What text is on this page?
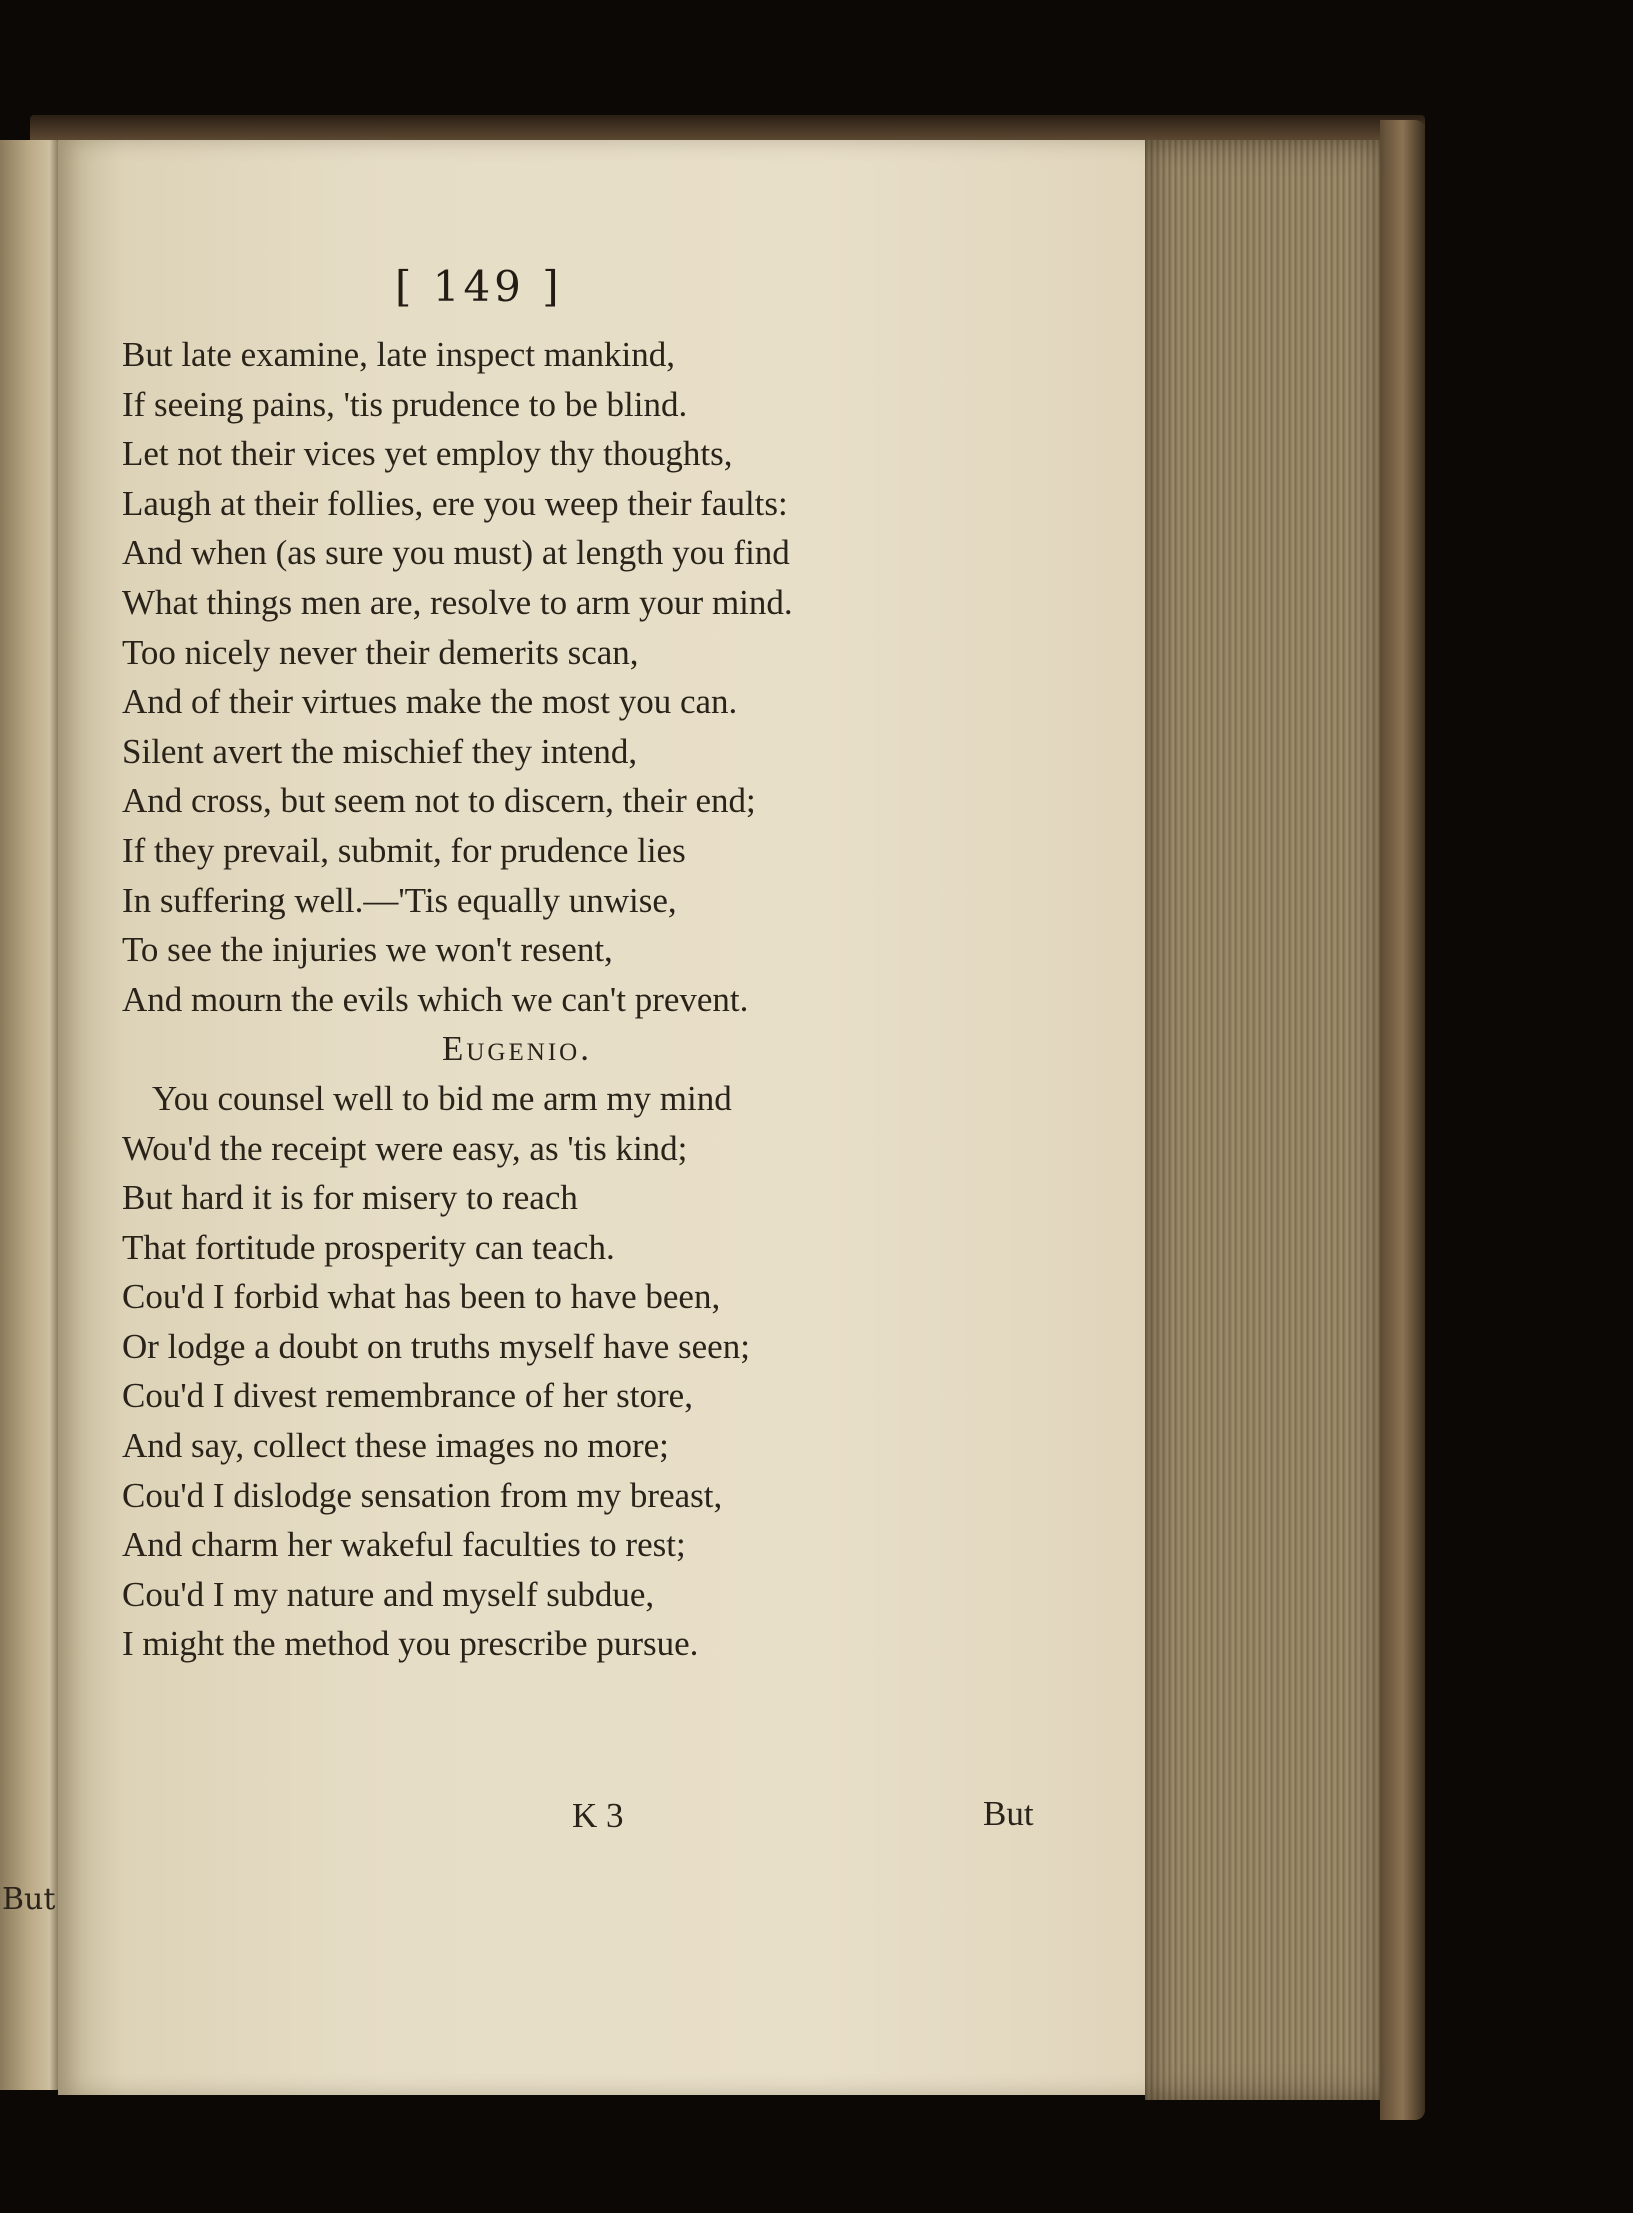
But
[ 149 ]
But late examine, late inspect mankind,
If seeing pains, 'tis prudence to be blind.
Let not their vices yet employ thy thoughts,
Laugh at their follies, ere you weep their faults:
And when (as sure you must) at length you find
What things men are, resolve to arm your mind.
Too nicely never their demerits scan,
And of their virtues make the most you can.
Silent avert the mischief they intend,
And cross, but seem not to discern, their end;
If they prevail, submit, for prudence lies
In suffering well.—'Tis equally unwise,
To see the injuries we won't resent,
And mourn the evils which we can't prevent.
Eugenio.
You counsel well to bid me arm my mind
Wou'd the receipt were easy, as 'tis kind;
But hard it is for misery to reach
That fortitude prosperity can teach.
Cou'd I forbid what has been to have been,
Or lodge a doubt on truths myself have seen;
Cou'd I divest remembrance of her store,
And say, collect these images no more;
Cou'd I dislodge sensation from my breast,
And charm her wakeful faculties to rest;
Cou'd I my nature and myself subdue,
I might the method you prescribe pursue.
K 3	But
